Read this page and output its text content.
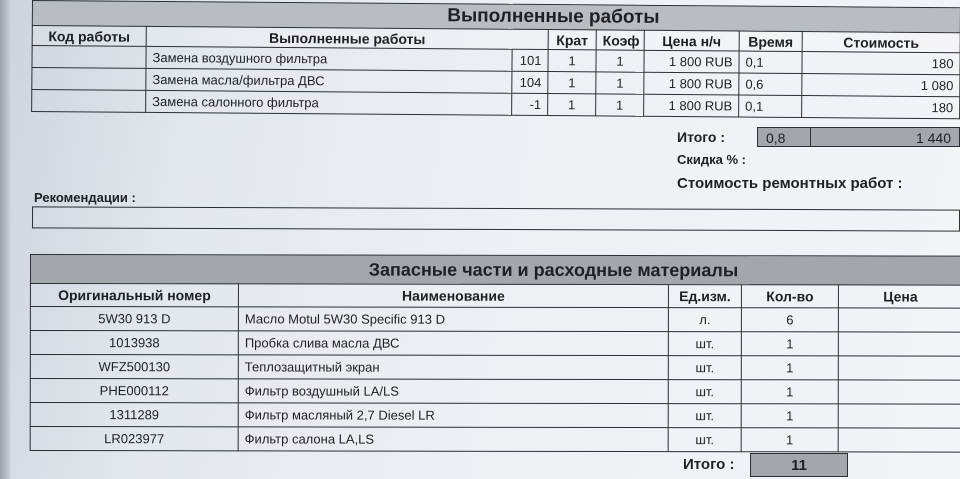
Выполненные работы							
Код работы	Выполненные работы		Крат	Коэф	Цена н/ч	Время	Стоимость
	Замена воздушного фильтра	101	1	1	1 800 RUB	0,1	180
	Замена масла/фильтра ДВС	104	1	1	1 800 RUB	0,6	1 080
	Замена салонного фильтра	-1	1	1	1 800 RUB	0,1	180
Итого :	0,8	1 440
Скидка % :
Стоимость ремонтных работ :
Рекомендации :
Запасные части и расходные материалы				
Оригинальный номер	Наименование	Ед.изм.	Кол-во	Цена
5W30 913 D	Масло Motul 5W30 Specific 913 D	л.	6	
1013938	Пробка слива масла ДВС	шт.	1	
WFZ500130	Теплозащитный экран	шт.	1	
PHE000112	Фильтр воздушный LA/LS	шт.	1	
1311289	Фильтр масляный 2,7 Diesel LR	шт.	1	
LR023977	Фильтр салона LA,LS	шт.	1	
Итого :	11
